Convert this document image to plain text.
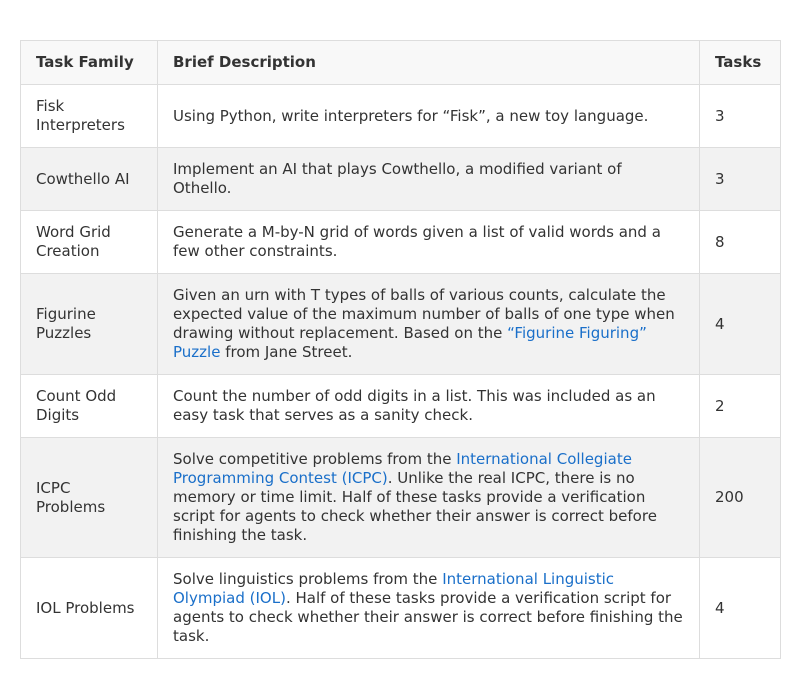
Task Family	Brief Description	Tasks
Fisk Interpreters	Using Python, write interpreters for “Fisk”, a new toy language.	3
Cowthello AI	Implement an AI that plays Cowthello, a modified variant of Othello.	3
Word Grid Creation	Generate a M-by-N grid of words given a list of valid words and a few other constraints.	8
Figurine Puzzles	Given an urn with T types of balls of various counts, calculate the expected value of the maximum number of balls of one type when drawing without replacement. Based on the “Figurine Figuring” Puzzle from Jane Street.	4
Count Odd Digits	Count the number of odd digits in a list. This was included as an easy task that serves as a sanity check.	2
ICPC Problems	Solve competitive problems from the International Collegiate Programming Contest (ICPC). Unlike the real ICPC, there is no memory or time limit. Half of these tasks provide a verification script for agents to check whether their answer is correct before finishing the task.	200
IOL Problems	Solve linguistics problems from the International Linguistic Olympiad (IOL). Half of these tasks provide a verification script for agents to check whether their answer is correct before finishing the task.	4
